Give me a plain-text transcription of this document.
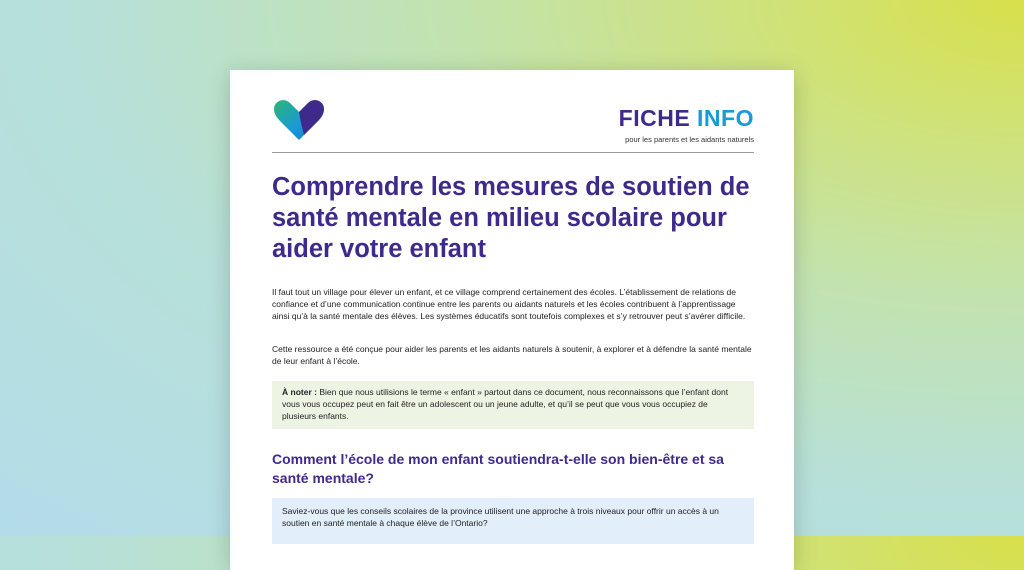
FICHE INFO
pour les parents et les aidants naturels
Comprendre les mesures de soutien de santé mentale en milieu scolaire pour aider votre enfant

Il faut tout un village pour élever un enfant, et ce village comprend certainement des écoles. L’établissement de relations de confiance et d’une communication continue entre les parents ou aidants naturels et les écoles contribuent à l’apprentissage ainsi qu’à la santé mentale des élèves. Les systèmes éducatifs sont toutefois complexes et s’y retrouver peut s’avérer difficile.

Cette ressource a été conçue pour aider les parents et les aidants naturels à soutenir, à explorer et à défendre la santé mentale de leur enfant à l’école.

À noter : Bien que nous utilisions le terme « enfant » partout dans ce document, nous reconnaissons que l’enfant dont vous vous occupez peut en fait être un adolescent ou un jeune adulte, et qu’il se peut que vous vous occupiez de plusieurs enfants.
Comment l’école de mon enfant soutiendra-t-elle son bien-être et sa santé mentale?
Saviez-vous que les conseils scolaires de la province utilisent une approche à trois niveaux pour offrir un accès à un soutien en santé mentale à chaque élève de l’Ontario?
